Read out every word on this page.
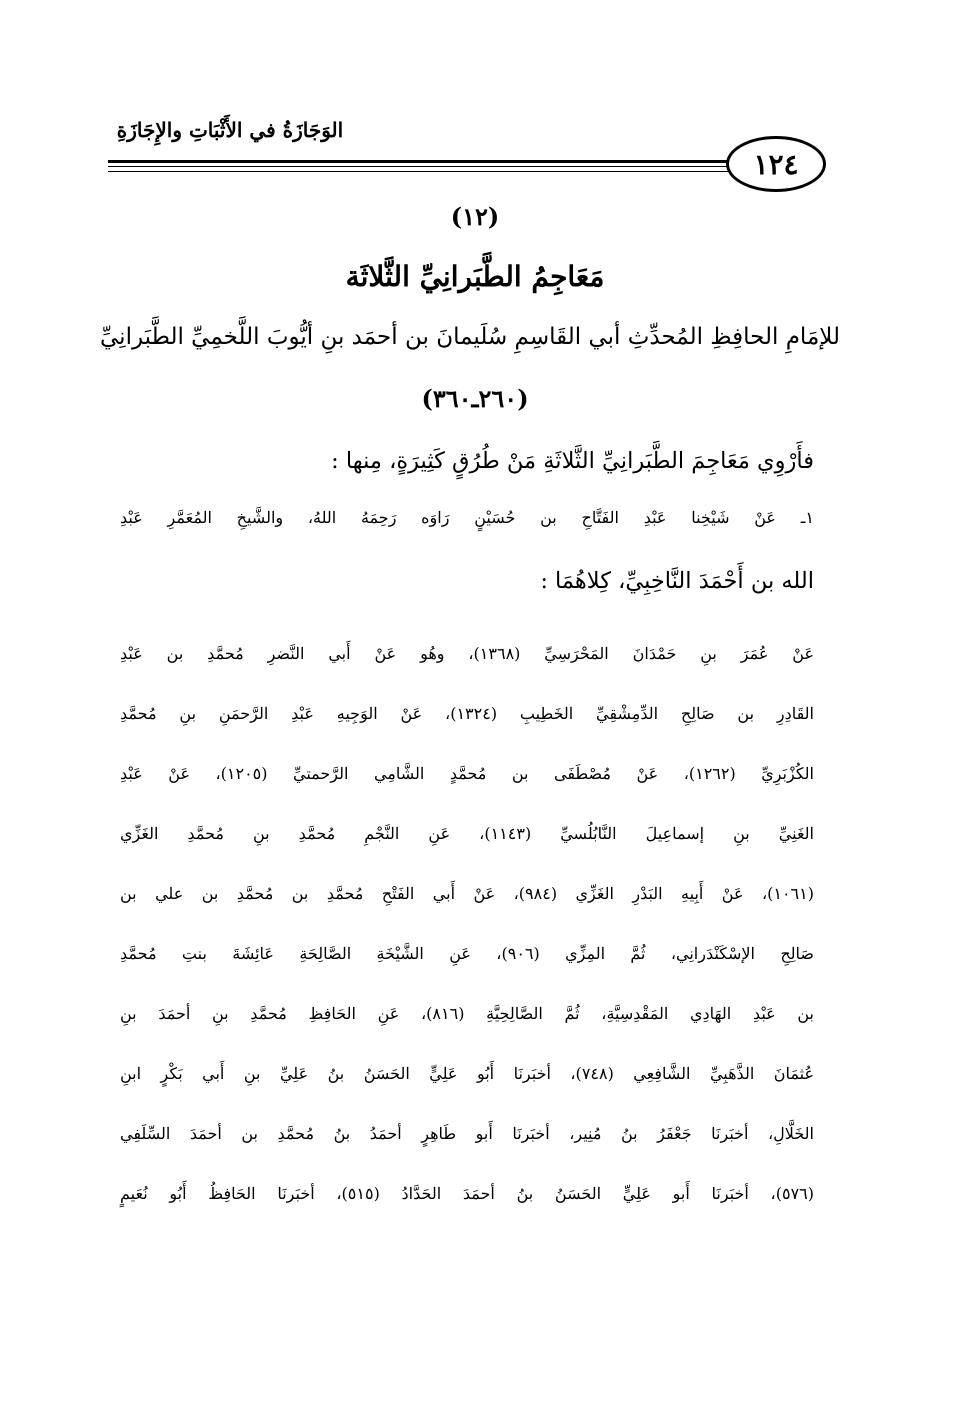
الوَجَازَةُ في الأَثْبَاتِ والإِجَازَةِ
١٢٤
(١٢)
مَعَاجِمُ الطَّبَرانِيِّ الثَّلاثَة
للإمَامِ الحافِظِ المُحدِّثِ أبي القَاسِمِ سُلَيمانَ بن أحمَد بنِ أيُّوبَ اللَّخمِيِّ الطَّبَرانِيِّ
(٢٦٠ـ٣٦٠)
فأَرْوِي مَعَاجِمَ الطَّبَرانِيِّ الثَّلاثَةِ مَنْ طُرُقٍ كَثِيرَةٍ، مِنها :
١ـ عَنْ شَيْخِنا عَبْدِ الفَتَّاحِ بن حُسَيْنٍ رَاوَه رَحِمَهُ اللهُ، والشَّيخِ المُعَمَّرِ عَبْدِ
الله بن أَحْمَدَ النَّاخِبِيِّ، كِلاهُمَا :
عَنْ عُمَرَ بنِ حَمْدَانَ المَحْرَسِيِّ (١٣٦٨)، وهُو عَنْ أَبي النَّضرِ مُحمَّدِ بن عَبْدِ
القَادِرِ بن صَالِحِ الدِّمِشْقِيِّ الخَطِيبِ (١٣٢٤)، عَنْ الوَجِيهِ عَبْدِ الرَّحمَنِ بنِ مُحمَّدِ
الكُزْبَرِيِّ (١٢٦٢)، عَنْ مُصْطَفَى بن مُحمَّدٍ الشَّامِي الرَّحمتيِّ (١٢٠٥)، عَنْ عَبْدِ
الغَنِيِّ بنِ إسماعِيلَ النَّابُلُسيِّ (١١٤٣)، عَنِ النَّجْمِ مُحمَّدِ بنِ مُحمَّدِ الغَزِّي
(١٠٦١)، عَنْ أَبِيهِ البَدْرِ الغَزِّي (٩٨٤)، عَنْ أَبي الفَتْحِ مُحمَّدِ بن مُحمَّدِ بن علي بن
صَالِحِ الإسْكَنْدَرانِي، ثُمَّ المِزِّي (٩٠٦)، عَنِ الشَّيْخَةِ الصَّالِحَةِ عَائِشَةَ بنتِ مُحمَّدِ
بن عَبْدِ الهَادِي المَقْدِسِيَّةِ، ثُمَّ الصَّالِحِيَّةِ (٨١٦)، عَنِ الحَافِظِ مُحمَّدِ بنِ أحمَدَ بنِ
عُثمَانَ الذَّهَبِيِّ الشَّافِعِي (٧٤٨)، أخبَرنَا أَبُو عَلِيٍّ الحَسَنُ بنُ عَلِيِّ بنِ أَبي بَكْرٍ ابنِ
الخَلَّالِ، أخبَرنَا جَعْفَرُ بنُ مُنِير، أخبَرنَا أَبو طَاهِرٍ أحمَدُ بنُ مُحمَّدِ بن أحمَدَ السِّلَفِي
(٥٧٦)، أخبَرنَا أَبو عَلِيٍّ الحَسَنُ بنُ أحمَدَ الحَدَّادُ (٥١٥)، أخبَرنَا الحَافِظُ أَبُو نُعَيمٍ
